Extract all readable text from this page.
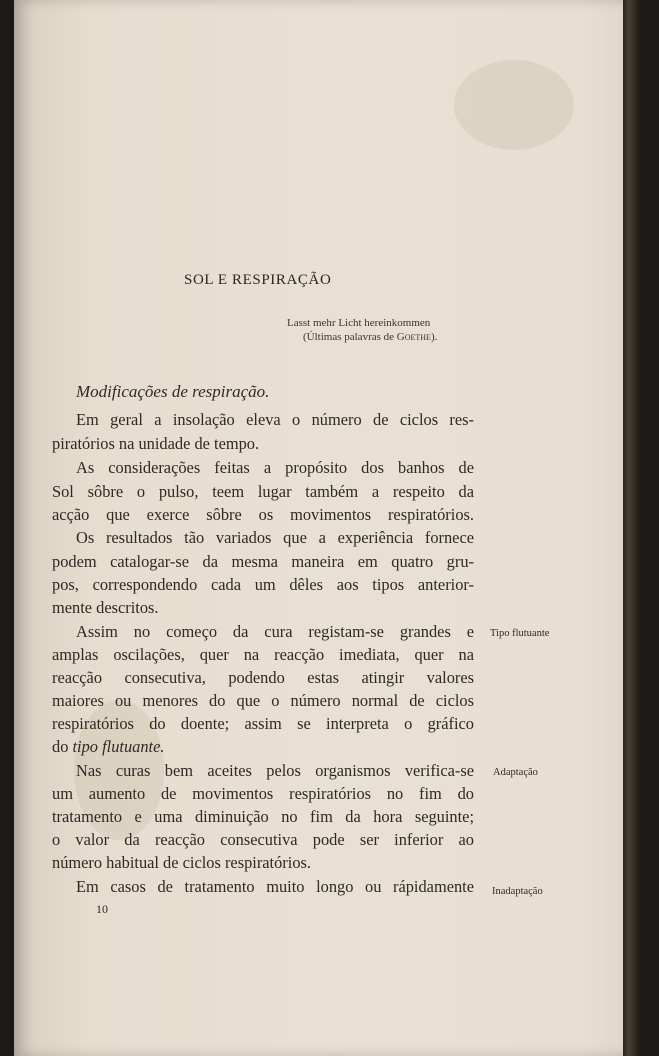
SOL E RESPIRAÇÃO
Lasst mehr Licht hereinkommen
(Últimas palavras de Goethe).
Modificações de respiração.
Em geral a insolação eleva o número de ciclos res-
piratórios na unidade de tempo.
As considerações feitas a propósito dos banhos de
Sol sôbre o pulso, teem lugar também a respeito da
acção que exerce sôbre os movimentos respiratórios.
Os resultados tão variados que a experiência fornece
podem catalogar-se da mesma maneira em quatro gru-
pos, correspondendo cada um dêles aos tipos anterior-
mente descritos.
Assim no começo da cura registam-se grandes e
amplas oscilações, quer na reacção imediata, quer na
reacção consecutiva, podendo estas atingir valores
maiores ou menores do que o número normal de ciclos
respiratórios do doente; assim se interpreta o gráfico
do tipo flutuante.
Nas curas bem aceites pelos organismos verifica-se
um aumento de movimentos respiratórios no fim do
tratamento e uma diminuição no fim da hora seguinte;
o valor da reacção consecutiva pode ser inferior ao
número habitual de ciclos respiratórios.
Em casos de tratamento muito longo ou rápidamente
Tipo flutuante
Adaptação
Inadaptação
10
